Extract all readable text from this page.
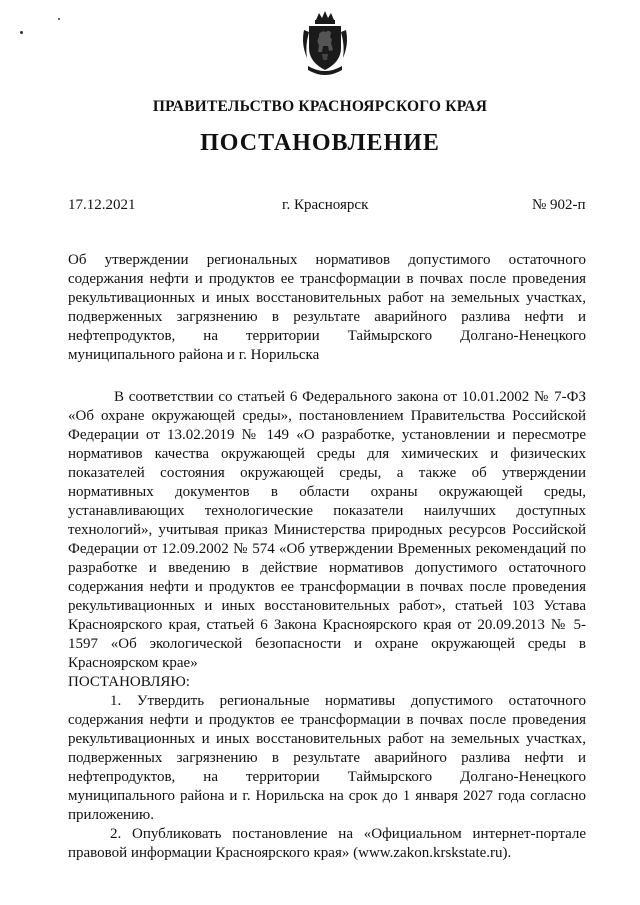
ПРАВИТЕЛЬСТВО КРАСНОЯРСКОГО КРАЯ
ПОСТАНОВЛЕНИЕ
17.12.2021	г. Красноярск	№ 902-п
Об утверждении региональных нормативов допустимого остаточного содержания нефти и продуктов ее трансформации в почвах после проведения рекультивационных и иных восстановительных работ на земельных участках, подверженных загрязнению в результате аварийного разлива нефти и нефтепродуктов, на территории Таймырского Долгано-Ненецкого муниципального района и г. Норильска

В соответствии со статьей 6 Федерального закона от 10.01.2002 № 7-ФЗ «Об охране окружающей среды», постановлением Правительства Российской Федерации от 13.02.2019 № 149 «О разработке, установлении и пересмотре нормативов качества окружающей среды для химических и физических показателей состояния окружающей среды, а также об утверждении нормативных документов в области охраны окружающей среды, устанавливающих технологические показатели наилучших доступных технологий», учитывая приказ Министерства природных ресурсов Российской Федерации от 12.09.2002 № 574 «Об утверждении Временных рекомендаций по разработке и введению в действие нормативов допустимого остаточного содержания нефти и продуктов ее трансформации в почвах после проведения рекультивационных и иных восстановительных работ», статьей 103 Устава Красноярского края, статьей 6 Закона Красноярского края от 20.09.2013 № 5-1597 «Об экологической безопасности и охране окружающей среды в Красноярском крае»

ПОСТАНОВЛЯЮ:

1. Утвердить региональные нормативы допустимого остаточного содержания нефти и продуктов ее трансформации в почвах после проведения рекультивационных и иных восстановительных работ на земельных участках, подверженных загрязнению в результате аварийного разлива нефти и нефтепродуктов, на территории Таймырского Долгано-Ненецкого муниципального района и г. Норильска на срок до 1 января 2027 года согласно приложению.

2. Опубликовать постановление на «Официальном интернет-портале правовой информации Красноярского края» (www.zakon.krskstate.ru).
